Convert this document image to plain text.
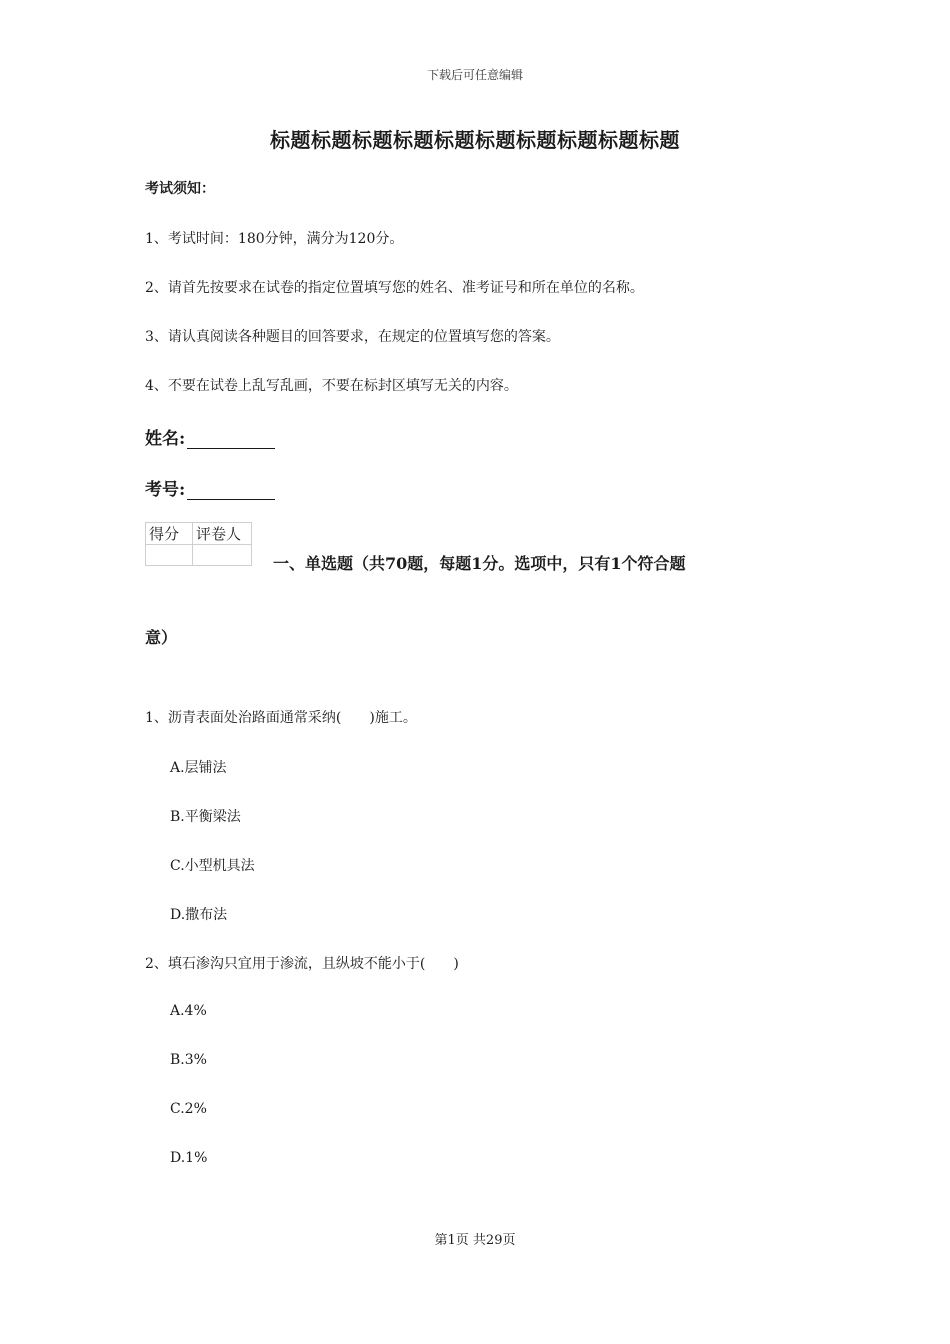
下载后可任意编辑
标题标题标题标题标题标题标题标题标题标题
考试须知：
1、考试时间：180分钟，满分为120分。
2、请首先按要求在试卷的指定位置填写您的姓名、准考证号和所在单位的名称。
3、请认真阅读各种题目的回答要求，在规定的位置填写您的答案。
4、不要在试卷上乱写乱画，不要在标封区填写无关的内容。
姓名:
考号:
得分	评卷人

一、单选题（共70题，每题1分。选项中，只有1个符合题
意）
1、沥青表面处治路面通常采纳(　　)施工。
A.层铺法
B.平衡梁法
C.小型机具法
D.撒布法
2、填石渗沟只宜用于渗流，且纵坡不能小于(　　)
A.4%
B.3%
C.2%
D.1%
第1页 共29页
